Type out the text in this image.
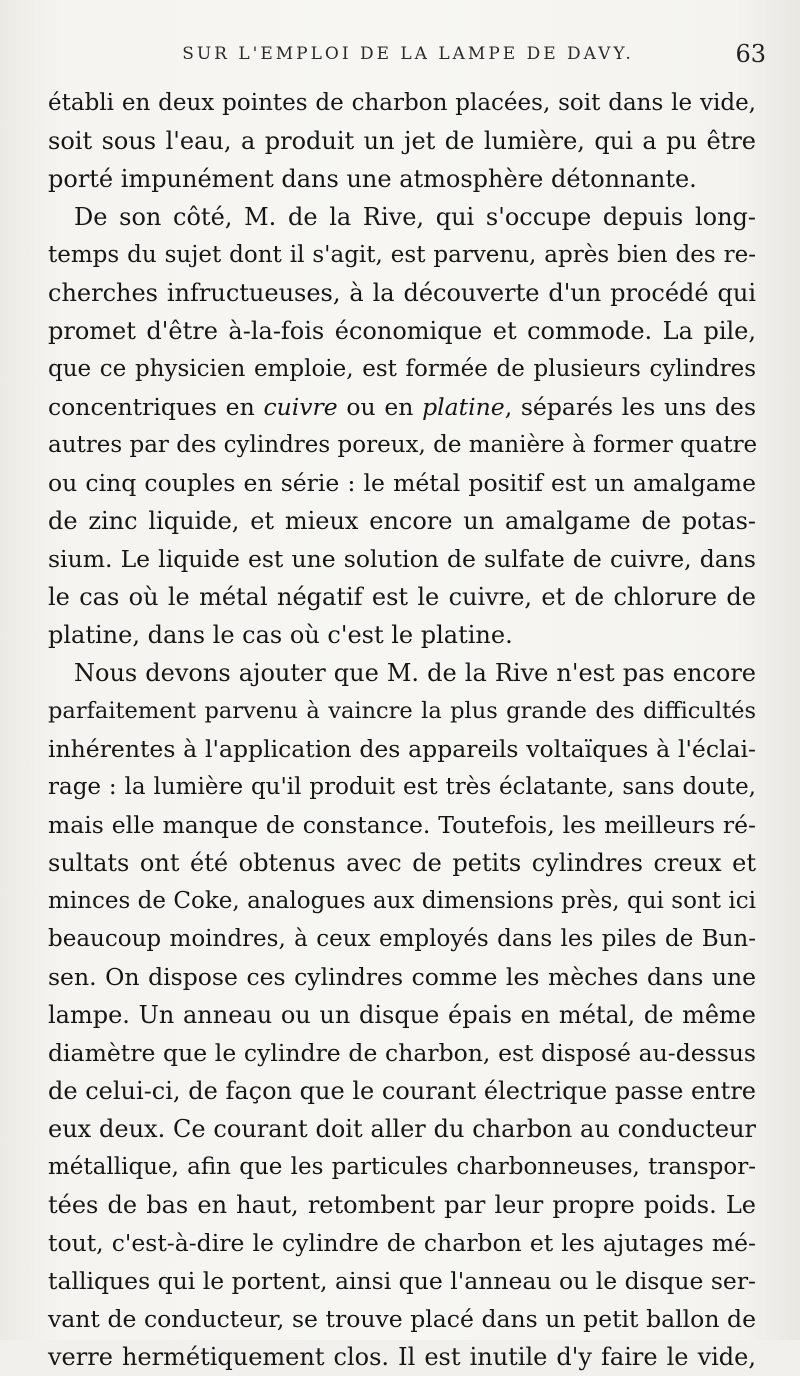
SUR L'EMPLOI DE LA LAMPE DE DAVY.	63
établi en deux pointes de charbon placées, soit dans le vide,
soit sous l'eau, a produit un jet de lumière, qui a pu être
porté impunément dans une atmosphère détonnante.
De son côté, M. de la Rive, qui s'occupe depuis long-
temps du sujet dont il s'agit, est parvenu, après bien des re-
cherches infructueuses, à la découverte d'un procédé qui
promet d'être à-la-fois économique et commode. La pile,
que ce physicien emploie, est formée de plusieurs cylindres
concentriques en cuivre ou en platine, séparés les uns des
autres par des cylindres poreux, de manière à former quatre
ou cinq couples en série : le métal positif est un amalgame
de zinc liquide, et mieux encore un amalgame de potas-
sium. Le liquide est une solution de sulfate de cuivre, dans
le cas où le métal négatif est le cuivre, et de chlorure de
platine, dans le cas où c'est le platine.
Nous devons ajouter que M. de la Rive n'est pas encore
parfaitement parvenu à vaincre la plus grande des difficultés
inhérentes à l'application des appareils voltaïques à l'éclai-
rage : la lumière qu'il produit est très éclatante, sans doute,
mais elle manque de constance. Toutefois, les meilleurs ré-
sultats ont été obtenus avec de petits cylindres creux et
minces de Coke, analogues aux dimensions près, qui sont ici
beaucoup moindres, à ceux employés dans les piles de Bun-
sen. On dispose ces cylindres comme les mèches dans une
lampe. Un anneau ou un disque épais en métal, de même
diamètre que le cylindre de charbon, est disposé au-dessus
de celui-ci, de façon que le courant électrique passe entre
eux deux. Ce courant doit aller du charbon au conducteur
métallique, afin que les particules charbonneuses, transpor-
tées de bas en haut, retombent par leur propre poids. Le
tout, c'est-à-dire le cylindre de charbon et les ajutages mé-
talliques qui le portent, ainsi que l'anneau ou le disque ser-
vant de conducteur, se trouve placé dans un petit ballon de
verre hermétiquement clos. Il est inutile d'y faire le vide,
